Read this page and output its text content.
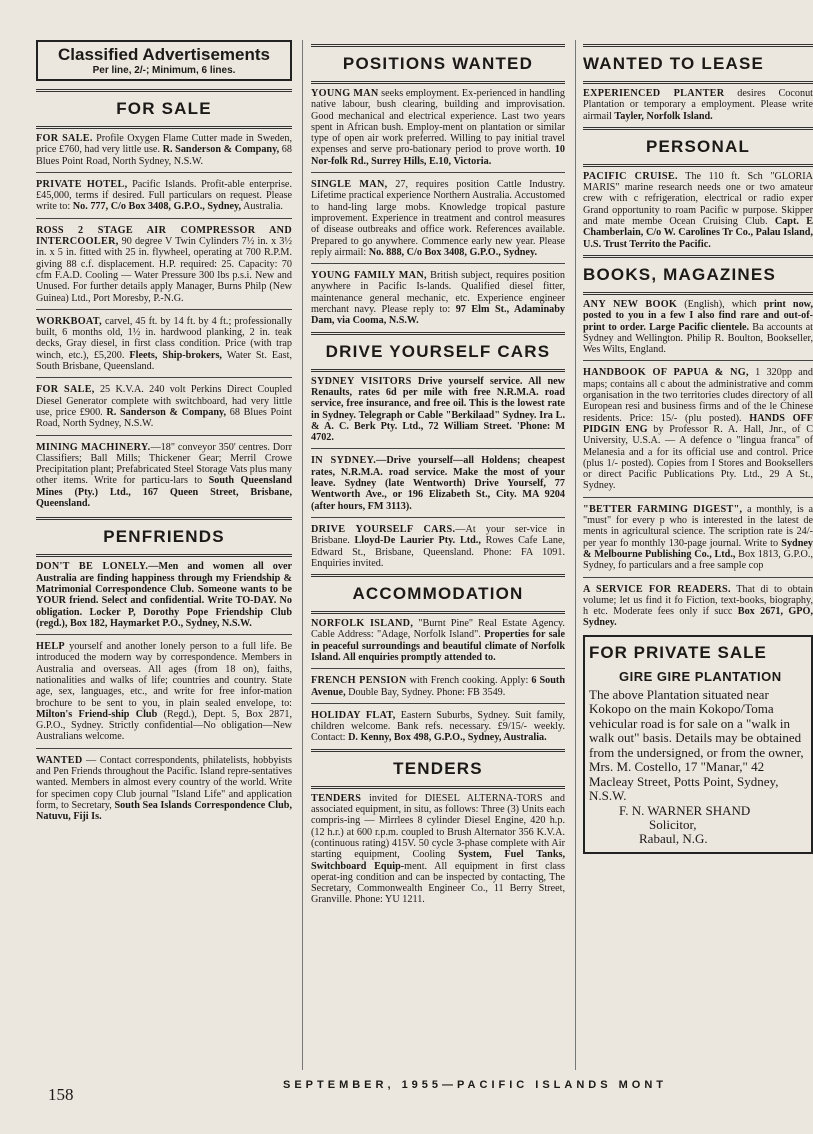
Classified Advertisements
Per line, 2/-; Minimum, 6 lines.
FOR SALE

FOR SALE. Profile Oxygen Flame Cutter made in Sweden, price £760, had very little use. R. Sanderson & Company, 68 Blues Point Road, North Sydney, N.S.W.

PRIVATE HOTEL, Pacific Islands. Profit-able enterprise. £45,000, terms if desired. Full particulars on request. Please write to: No. 777, C/o Box 3408, G.P.O., Sydney, Australia.

ROSS 2 STAGE AIR COMPRESSOR AND INTERCOOLER, 90 degree V Twin Cylinders 7½ in. x 3½ in. x 5 in. fitted with 25 in. flywheel, operating at 700 R.P.M. giving 88 c.f. displacement. H.P. required: 25. Capacity: 70 cfm F.A.D. Cooling — Water Pressure 300 lbs p.s.i. New and Unused. For further details apply Manager, Burns Philp (New Guinea) Ltd., Port Moresby, P.-N.G.

WORKBOAT, carvel, 45 ft. by 14 ft. by 4 ft.; professionally built, 6 months old, 1½ in. hardwood planking, 2 in. teak decks, Gray diesel, in first class condition. Price (with trap winch, etc.), £5,200. Fleets, Ship-brokers, Water St. East, South Brisbane, Queensland.

FOR SALE, 25 K.V.A. 240 volt Perkins Direct Coupled Diesel Generator complete with switchboard, had very little use, price £900. R. Sanderson & Company, 68 Blues Point Road, North Sydney, N.S.W.

MINING MACHINERY.—18" conveyor 350' centres. Dorr Classifiers; Ball Mills; Thickener Gear; Merril Crowe Precipitation plant; Prefabricated Steel Storage Vats plus many other items. Write for particu-lars to South Queensland Mines (Pty.) Ltd., 167 Queen Street, Brisbane, Queensland.

PENFRIENDS

DON'T BE LONELY.—Men and women all over Australia are finding happiness through my Friendship & Matrimonial Correspondence Club. Someone wants to be YOUR friend. Select and confidential. Write TO-DAY. No obligation. Locker P, Dorothy Pope Friendship Club (regd.), Box 182, Haymarket P.O., Sydney, N.S.W.

HELP yourself and another lonely person to a full life. Be introduced the modern way by correspondence. Members in Australia and overseas. All ages (from 18 on), faiths, nationalities and walks of life; countries and country. State age, sex, languages, etc., and write for free infor-mation brochure to be sent to you, in plain sealed envelope, to: Milton's Friend-ship Club (Regd.), Dept. 5, Box 2871, G.P.O., Sydney. Strictly confidential—No obligation—New Australians welcome.

WANTED — Contact correspondents, philatelists, hobbyists and Pen Friends throughout the Pacific. Island repre-sentatives wanted. Members in almost every country of the world. Write for specimen copy Club journal "Island Life" and application form, to Secretary, South Sea Islands Correspondence Club, Natuvu, Fiji Is.

POSITIONS WANTED

YOUNG MAN seeks employment. Ex-perienced in handling native labour, bush clearing, building and improvisation. Good mechanical and electrical experience. Last two years spent in African bush. Employ-ment on plantation or similar type of open air work preferred. Willing to pay initial travel expenses and serve pro-bationary period to prove worth. 10 Nor-folk Rd., Surrey Hills, E.10, Victoria.

SINGLE MAN, 27, requires position Cattle Industry. Lifetime practical experience Northern Australia. Accustomed to hand-ling large mobs. Knowledge tropical pasture improvement. Experience in treatment and control measures of disease outbreaks and office work. References available. Prepared to go anywhere. Commence early new year. Please reply airmail: No. 888, C/o Box 3408, G.P.O., Sydney.

YOUNG FAMILY MAN, British subject, requires position anywhere in Pacific Is-lands. Qualified diesel fitter, maintenance general mechanic, etc. Experience engineer merchant navy. Please reply to: 97 Elm St., Adaminaby Dam, via Cooma, N.S.W.

DRIVE YOURSELF CARS

SYDNEY VISITORS Drive yourself service. All new Renaults, rates 6d per mile with free N.R.M.A. road service, free insurance, and free oil. This is the lowest rate in Sydney. Telegraph or Cable "Berkilaad" Sydney. Ira L. & A. C. Berk Pty. Ltd., 72 William Street. 'Phone: M 4702.

IN SYDNEY.—Drive yourself—all Holdens; cheapest rates, N.R.M.A. road service. Make the most of your leave. Sydney (late Wentworth) Drive Yourself, 77 Wentworth Ave., or 196 Elizabeth St., City. MA 9204 (after hours, FM 3113).

DRIVE YOURSELF CARS.—At your ser-vice in Brisbane. Lloyd-De Laurier Pty. Ltd., Rowes Cafe Lane, Edward St., Brisbane, Queensland. Phone: FA 1091. Enquiries invited.

ACCOMMODATION

NORFOLK ISLAND, "Burnt Pine" Real Estate Agency. Cable Address: "Adage, Norfolk Island". Properties for sale in peaceful surroundings and beautiful climate of Norfolk Island. All enquiries promptly attended to.

FRENCH PENSION with French cooking. Apply: 6 South Avenue, Double Bay, Sydney. Phone: FB 3549.

HOLIDAY FLAT, Eastern Suburbs, Sydney. Suit family, children welcome. Bank refs. necessary. £9/15/- weekly. Contact: D. Kenny, Box 498, G.P.O., Sydney, Australia.

TENDERS

TENDERS invited for DIESEL ALTERNA-TORS and associated equipment, in situ, as follows: Three (3) Units each compris-ing — Mirrlees 8 cylinder Diesel Engine, 420 h.p. (12 h.r.) at 600 r.p.m. coupled to Brush Alternator 356 K.V.A. (continuous rating) 415V. 50 cycle 3-phase complete with Air starting equipment, Cooling System, Fuel Tanks, Switchboard Equip-ment. All equipment in first class operat-ing condition and can be inspected by contacting, The Secretary, Commonwealth Engineer Co., 11 Berry Street, Granville. Phone: YU 1211.

WANTED TO LEASE

EXPERIENCED PLANTER desires Coconut Plantation or temporary a employment. Please write airmail Tayler, Norfolk Island.

PERSONAL

PACIFIC CRUISE. The 110 ft. Sch "GLORIA MARIS" marine research needs one or two amateur crew with c refrigeration, electrical or radio exper Grand opportunity to roam Pacific w purpose. Skipper and mate membe Ocean Cruising Club. Capt. E Chamberlain, C/o W. Carolines Tr Co., Palau Island, U.S. Trust Territo the Pacific.

BOOKS, MAGAZINES

ANY NEW BOOK (English), which print now, posted to you in a few I also find rare and out-of-print to order. Large Pacific clientele. Ba accounts at Sydney and Wellington. Philip R. Boulton, Bookseller, Wes Wilts, England.

HANDBOOK OF PAPUA & NG, 1 320pp and maps; contains all c about the administrative and comm organisation in the two territories cludes directory of all European resi and business firms and of the le Chinese residents. Price: 15/- (plu posted). HANDS OFF PIDGIN ENG by Professor R. A. Hall, Jnr., of C University, U.S.A. — A defence o "lingua franca" of Melanesia and a for its official use and control. Price (plus 1/- posted). Copies from I Stores and Booksellers or direct Pacific Publications Pty. Ltd., 29 A St., Sydney.

"BETTER FARMING DIGEST", a monthly, is a "must" for every p who is interested in the latest de ments in agricultural science. The scription rate is 24/- per year fo monthly 130-page journal. Write to Sydney & Melbourne Publishing Co., Ltd., Box 1813, G.P.O., Sydney, fo particulars and a free sample cop

A SERVICE FOR READERS. That di to obtain volume; let us find it fo Fiction, text-books, biography, h etc. Moderate fees only if succ Box 2671, GPO, Sydney.

FOR PRIVATE SALE
GIRE GIRE PLANTATION
The above Plantation situated near Kokopo on the main Kokopo/Toma vehicular road is for sale on a "walk in walk out" basis. Details may be obtained from the undersigned, or from the owner, Mrs. M. Costello, 17 "Manar," 42 Macleay Street, Potts Point, Sydney, N.S.W.
F. N. WARNER SHAND
Solicitor,
Rabaul, N.G.
158	SEPTEMBER, 1955—PACIFIC ISLANDS MONT
